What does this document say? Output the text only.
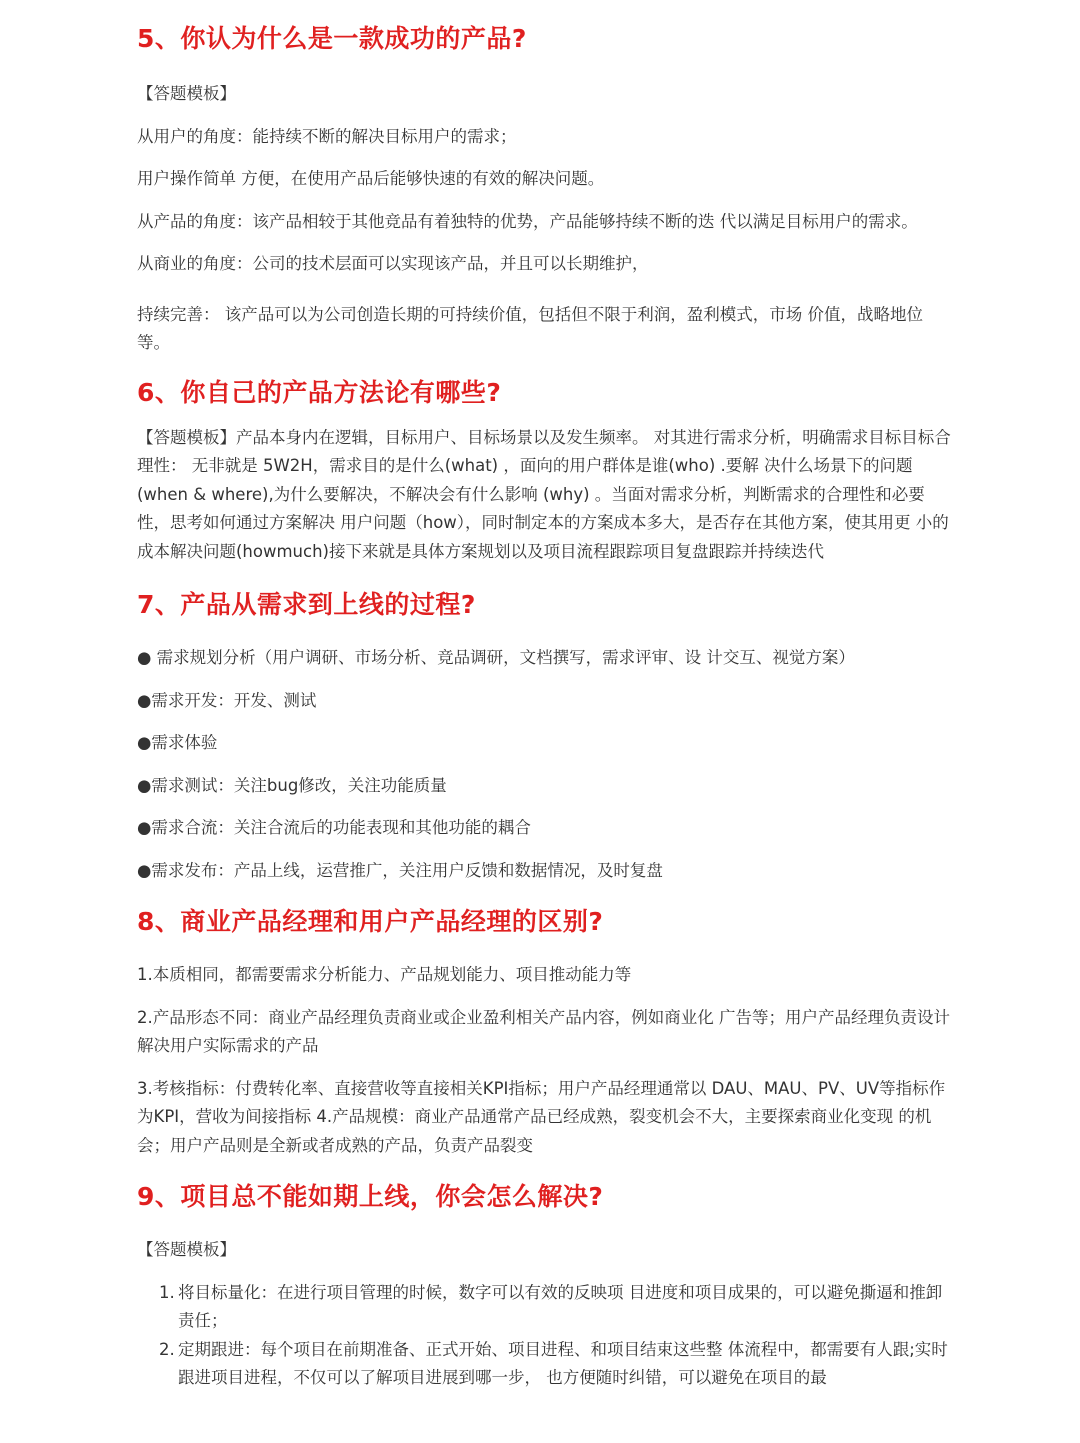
5、你认为什么是一款成功的产品?

【答题模板】

从用户的角度：能持续不断的解决目标用户的需求；

用户操作简单 方便，在使用产品后能够快速的有效的解决问题。

从产品的角度：该产品相较于其他竞品有着独特的优势，产品能够持续不断的迭 代以满足目标用户的需求。

从商业的角度：公司的技术层面可以实现该产品，并且可以长期维护，

持续完善： 该产品可以为公司创造长期的可持续价值，包括但不限于利润，盈利模式，市场 价值，战略地位等。

6、你自己的产品方法论有哪些?

【答题模板】产品本身内在逻辑，目标用户、目标场景以及发生频率。 对其进行需求分析，明确需求目标目标合理性： 无非就是 5W2H，需求目的是什么(what) ，面向的用户群体是谁(who) .要解 决什么场景下的问题(when & where),为什么要解决，不解决会有什么影响 (why) 。当面对需求分析，判断需求的合理性和必要性，思考如何通过方案解决 用户问题（how），同时制定本的方案成本多大，是否存在其他方案，使其用更 小的成本解决问题(howmuch)接下来就是具体方案规划以及项目流程跟踪项目复盘跟踪并持续迭代

7、产品从需求到上线的过程?

● 需求规划分析（用户调研、市场分析、竞品调研，文档撰写，需求评审、设 计交互、视觉方案）

●需求开发：开发、测试

●需求体验

●需求测试：关注bug修改，关注功能质量

●需求合流：关注合流后的功能表现和其他功能的耦合

●需求发布：产品上线，运营推广，关注用户反馈和数据情况，及时复盘

8、商业产品经理和用户产品经理的区别?

1.本质相同，都需要需求分析能力、产品规划能力、项目推动能力等

2.产品形态不同：商业产品经理负责商业或企业盈利相关产品内容，例如商业化 广告等；用户产品经理负责设计解决用户实际需求的产品

3.考核指标：付费转化率、直接营收等直接相关KPI指标；用户产品经理通常以 DAU、MAU、PV、UV等指标作为KPI，营收为间接指标 4.产品规模：商业产品通常产品已经成熟，裂变机会不大，主要探索商业化变现 的机会；用户产品则是全新或者成熟的产品，负责产品裂变

9、项目总不能如期上线，你会怎么解决?

【答题模板】

1. 将目标量化：在进行项目管理的时候，数字可以有效的反映项 目进度和项目成果的，可以避免撕逼和推卸责任；
2. 定期跟进：每个项目在前期准备、正式开始、项目进程、和项目结束这些整 体流程中，都需要有人跟;实时跟进项目进程，不仅可以了解项目进展到哪一步， 也方便随时纠错，可以避免在项目的最
